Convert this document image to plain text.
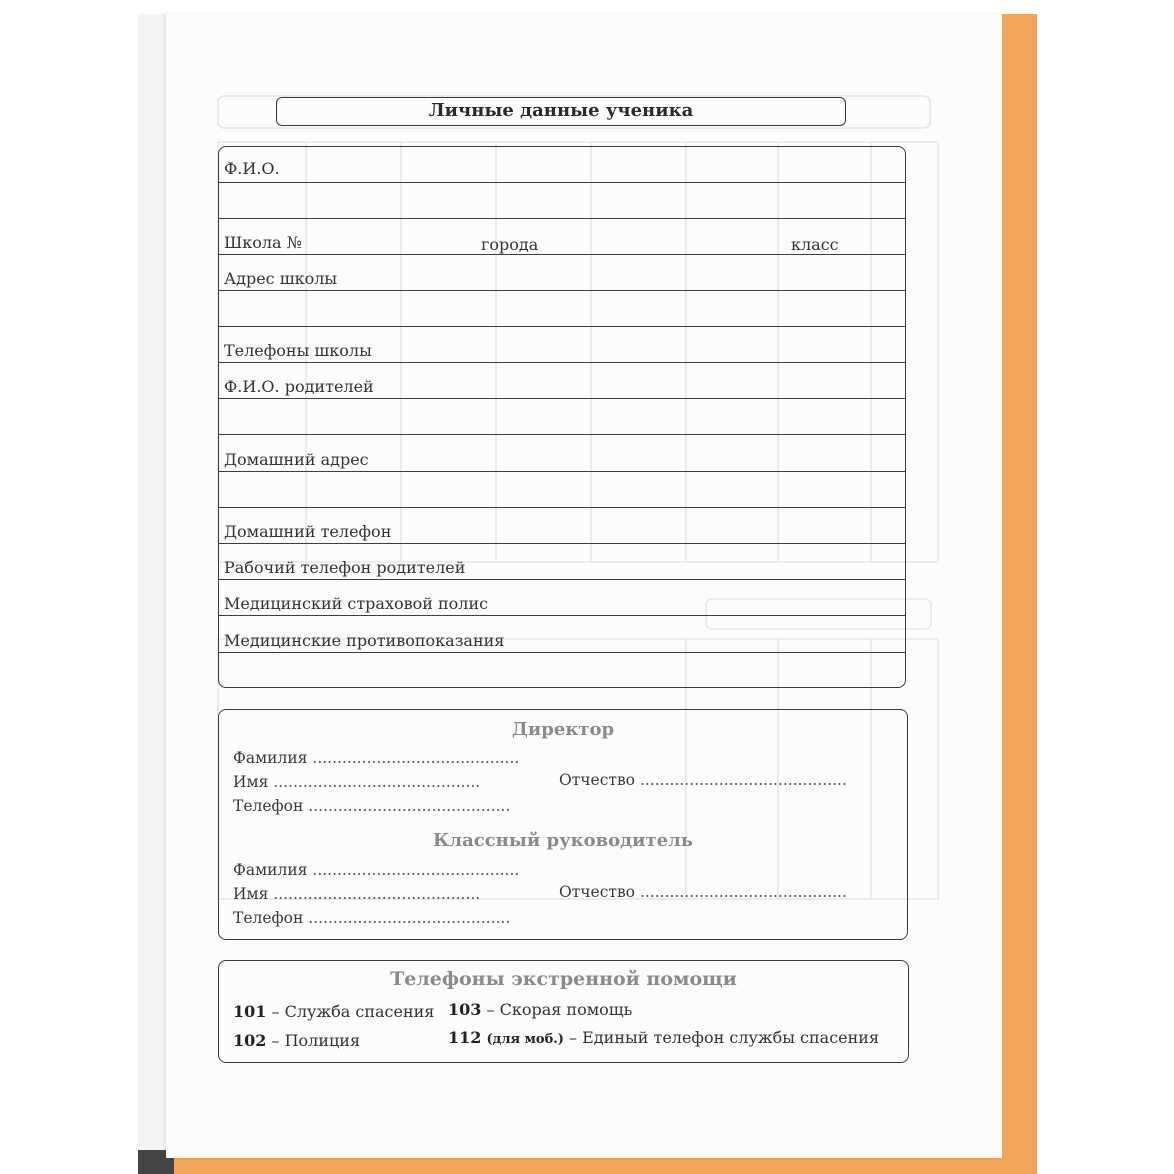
Личные данные ученика
Ф.И.О.
Школа №	города	класс
Адрес школы
Телефоны школы
Ф.И.О. родителей
Домашний адрес
Домашний телефон
Рабочий телефон родителей
Медицинский страховой полис
Медицинские противопоказания
Директор
Фамилия ..........................................
Имя ..........................................	Отчество ..........................................
Телефон .........................................
Классный руководитель
Фамилия ..........................................
Имя ..........................................	Отчество ..........................................
Телефон .........................................
Телефоны экстренной помощи
101 – Служба спасения 103 – Скорая помощь
102 – Полиция	112 (для моб.) – Единый телефон службы спасения
